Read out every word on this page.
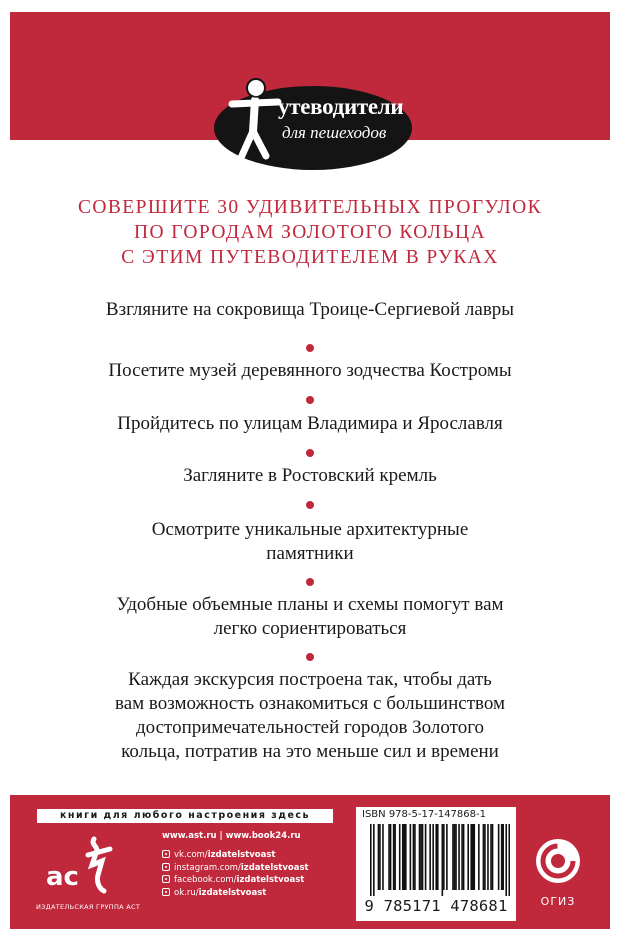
утеводители
для пешеходов
СОВЕРШИТЕ 30 УДИВИТЕЛЬНЫХ ПРОГУЛОК
ПО ГОРОДАМ ЗОЛОТОГО КОЛЬЦА
С ЭТИМ ПУТЕВОДИТЕЛЕМ В РУКАХ
Взгляните на сокровища Троице-Сергиевой лавры
Посетите музей деревянного зодчества Костромы
Пройдитесь по улицам Владимира и Ярославля
Загляните в Ростовский кремль
Осмотрите уникальные архитектурные
памятники
Удобные объемные планы и схемы помогут вам
легко сориентироваться
Каждая экскурсия построена так, чтобы дать
вам возможность ознакомиться с большинством
достопримечательностей городов Золотого
кольца, потратив на это меньше сил и времени
книги для любого настроения здесь
ас
ИЗДАТЕЛЬСКАЯ ГРУППА АСТ
www.ast.ru | www.book24.ru
vk.com/izdatelstvoast
instagram.com/izdatelstvoast
facebook.com/izdatelstvoast
ok.ru/izdatelstvoast
ISBN 978-5-17-147868-1
9 785171 478681	ОГИЗ
